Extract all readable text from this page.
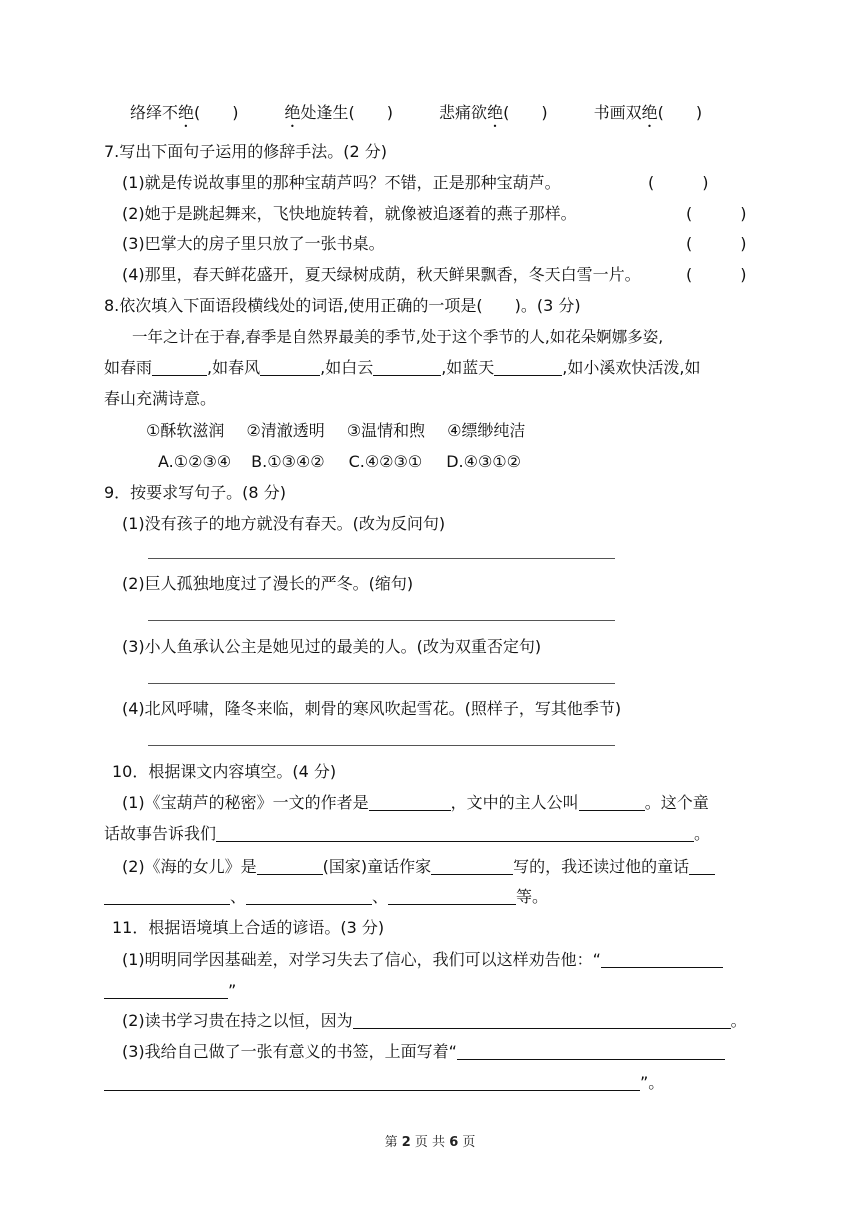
络绎不绝(　　)	绝处逢生(　　)	悲痛欲绝(　　)	书画双绝(　　)
7.写出下面句子运用的修辞手法。(2 分)
(1)就是传说故事里的那种宝葫芦吗？不错，正是那种宝葫芦。	(　　　)
(2)她于是跳起舞来，飞快地旋转着，就像被追逐着的燕子那样。	(　　　)
(3)巴掌大的房子里只放了一张书桌。	(　　　)
(4)那里，春天鲜花盛开，夏天绿树成荫，秋天鲜果飘香，冬天白雪一片。	(　　　)
8.依次填入下面语段横线处的词语,使用正确的一项是(　　)。(3 分)
一年之计在于春,春季是自然界最美的季节,处于这个季节的人,如花朵婀娜多姿,
如春雨	,如春风	,如白云	,如蓝天	,如小溪欢快活泼,如
春山充满诗意。
①酥软滋润 ②清澈透明 ③温情和煦 ④缥缈纯洁
A.①②③④ B.①③④② C.④②③① D.④③①②
9．按要求写句子。(8 分)
(1)没有孩子的地方就没有春天。(改为反问句)
(2)巨人孤独地度过了漫长的严冬。(缩句)
(3)小人鱼承认公主是她见过的最美的人。(改为双重否定句)
(4)北风呼啸，隆冬来临，刺骨的寒风吹起雪花。(照样子，写其他季节)
10．根据课文内容填空。(4 分)
(1)《宝葫芦的秘密》一文的作者是	，文中的主人公叫	。这个童
话故事告诉我们	。
(2)《海的女儿》是	(国家)童话作家	写的，我还读过他的童话
、	、	等。
11．根据语境填上合适的谚语。(3 分)
(1)明明同学因基础差，对学习失去了信心，我们可以这样劝告他：“
”
(2)读书学习贵在持之以恒，因为	。
(3)我给自己做了一张有意义的书签，上面写着“
”。
第 2 页 共 6 页
